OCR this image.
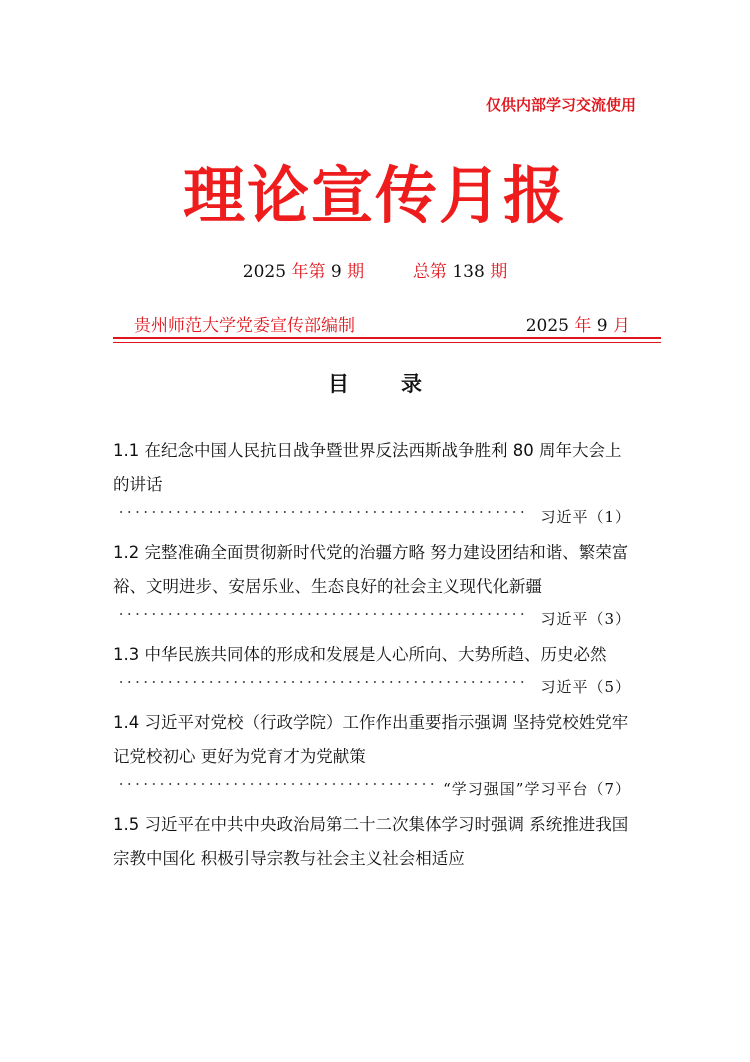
仅供内部学习交流使用
理论宣传月报
2025 年第 9 期	总第 138 期
贵州师范大学党委宣传部编制	2025 年 9 月
目录
1.1 在纪念中国人民抗日战争暨世界反法西斯战争胜利 80 周年大会上的讲话
习近平（1）
1.2 完整准确全面贯彻新时代党的治疆方略 努力建设团结和谐、繁荣富裕、文明进步、安居乐业、生态良好的社会主义现代化新疆
习近平（3）
1.3 中华民族共同体的形成和发展是人心所向、大势所趋、历史必然
习近平（5）
1.4 习近平对党校（行政学院）工作作出重要指示强调 坚持党校姓党牢记党校初心 更好为党育才为党献策
“学习强国”学习平台（7）
1.5 习近平在中共中央政治局第二十二次集体学习时强调 系统推进我国宗教中国化 积极引导宗教与社会主义社会相适应
